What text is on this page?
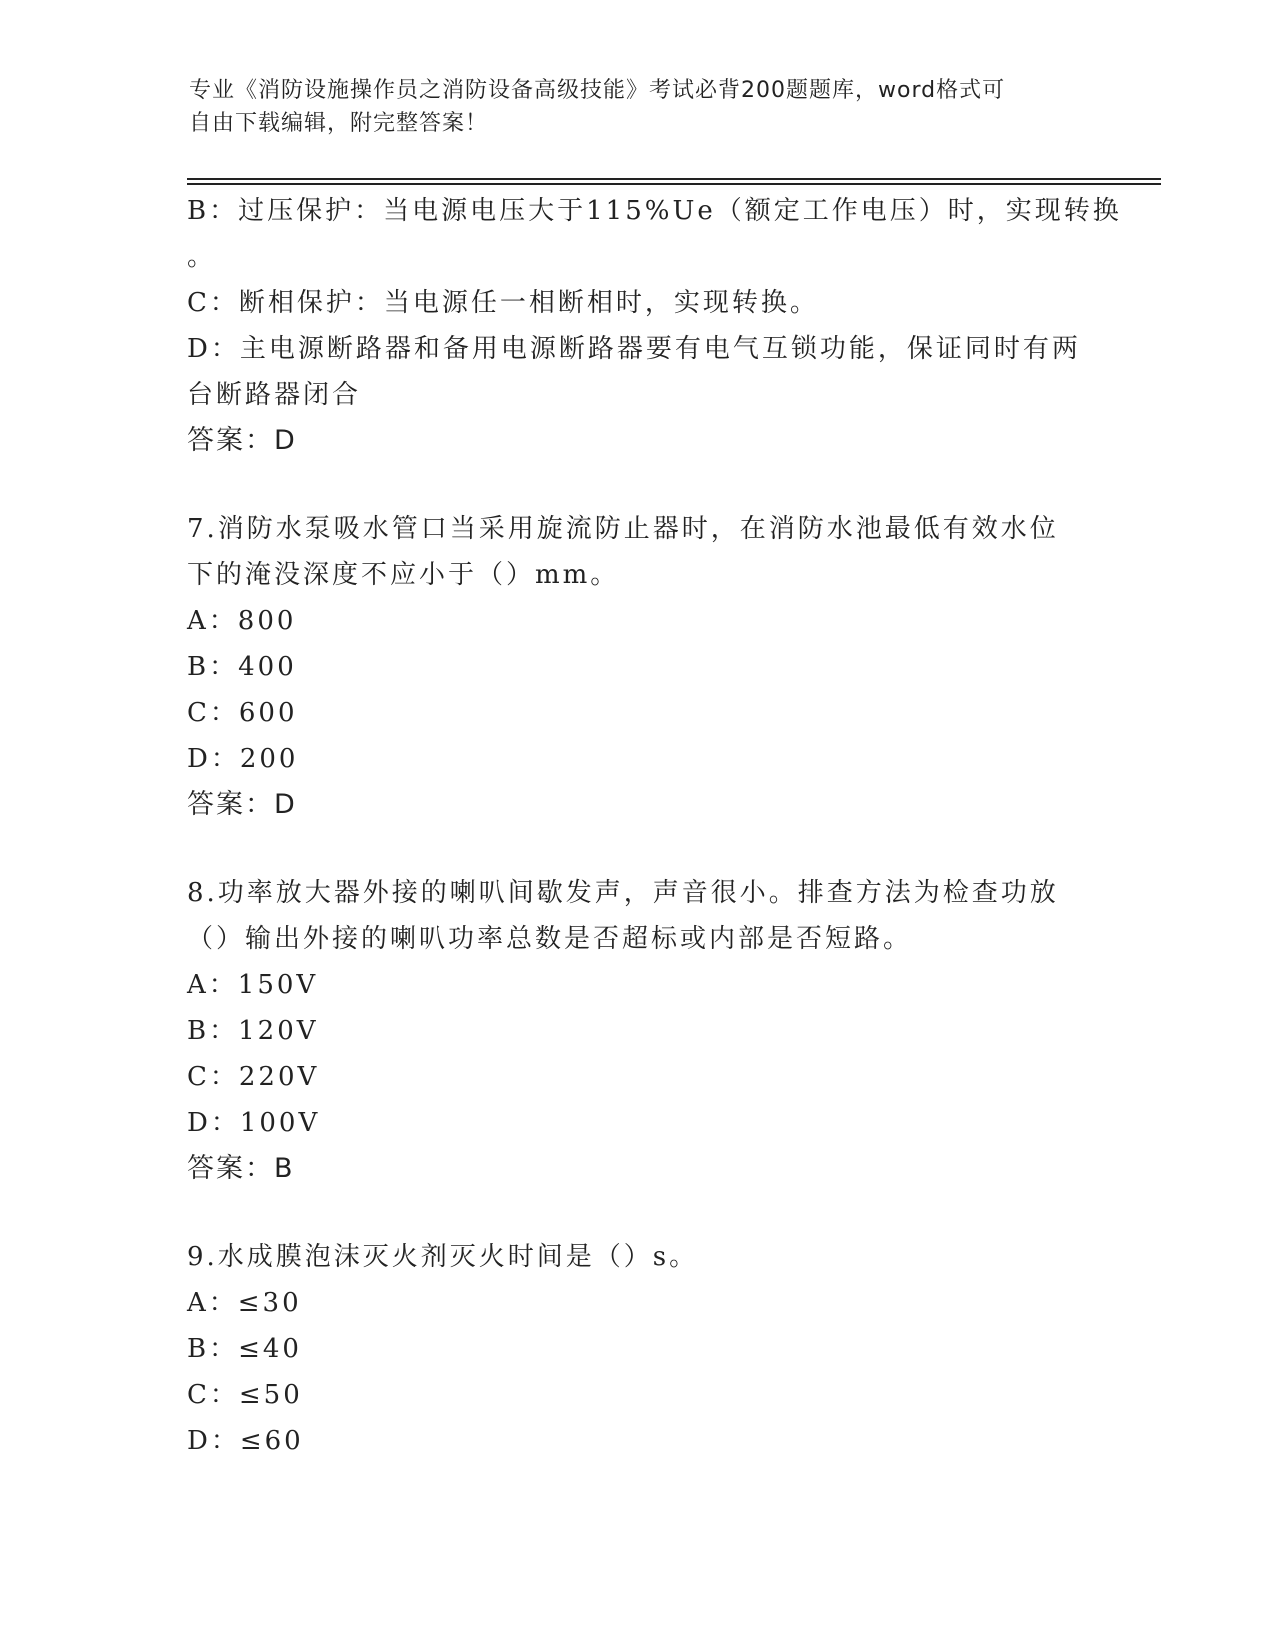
专业《消防设施操作员之消防设备高级技能》考试必背200题题库，word格式可
自由下载编辑，附完整答案！
B：过压保护：当电源电压大于115%Ue（额定工作电压）时，实现转换
。
C：断相保护：当电源任一相断相时，实现转换。
D：主电源断路器和备用电源断路器要有电气互锁功能，保证同时有两
台断路器闭合
答案：D
7.消防水泵吸水管口当采用旋流防止器时，在消防水池最低有效水位
下的淹没深度不应小于（）mm。
A：800
B：400
C：600
D：200
答案：D
8.功率放大器外接的喇叭间歇发声，声音很小。排查方法为检查功放
（）输出外接的喇叭功率总数是否超标或内部是否短路。
A：150V
B：120V
C：220V
D：100V
答案：B
9.水成膜泡沫灭火剂灭火时间是（）s。
A：≤30
B：≤40
C：≤50
D：≤60
